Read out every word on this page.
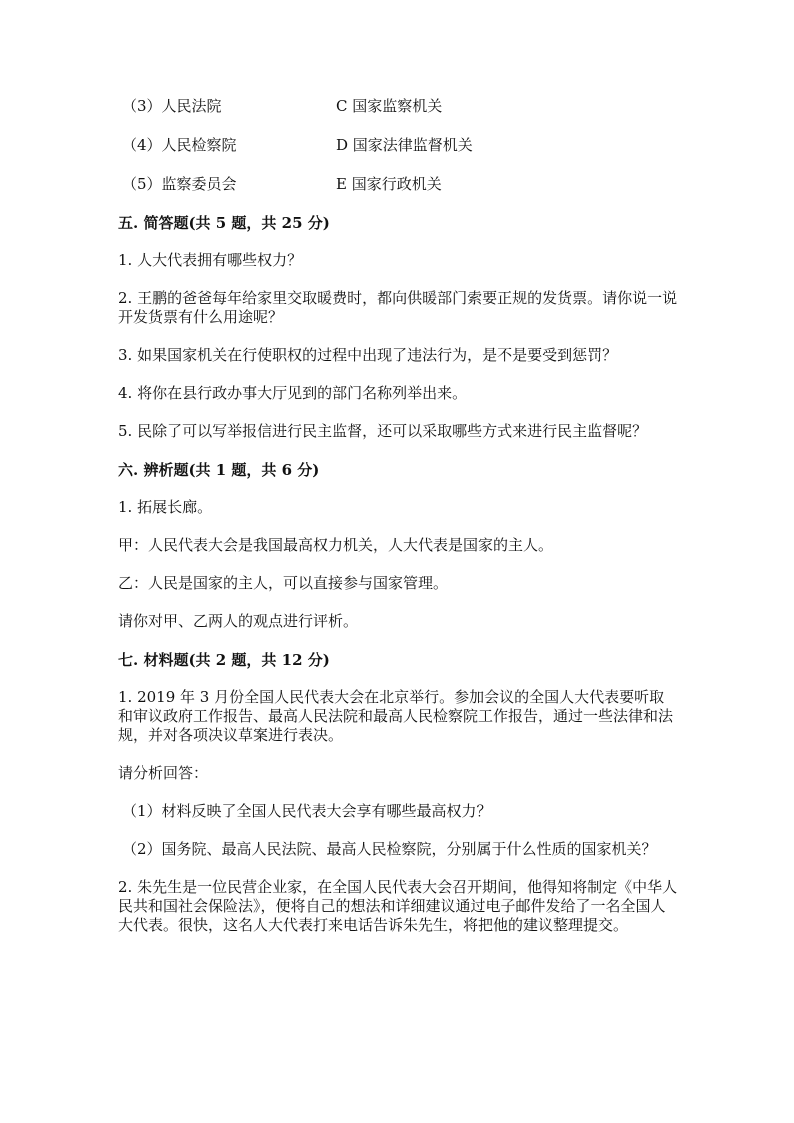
（3）人民法院	C 国家监察机关
（4）人民检察院	D 国家法律监督机关
（5）监察委员会	E 国家行政机关
五. 简答题(共 5 题，共 25 分)

1. 人大代表拥有哪些权力？

2. 王鹏的爸爸每年给家里交取暖费时，都向供暖部门索要正规的发货票。请你说一说开发货票有什么用途呢？

3. 如果国家机关在行使职权的过程中出现了违法行为，是不是要受到惩罚？

4. 将你在县行政办事大厅见到的部门名称列举出来。

5. 民除了可以写举报信进行民主监督，还可以采取哪些方式来进行民主监督呢？

六. 辨析题(共 1 题，共 6 分)

1. 拓展长廊。

甲：人民代表大会是我国最高权力机关，人大代表是国家的主人。

乙：人民是国家的主人，可以直接参与国家管理。

请你对甲、乙两人的观点进行评析。

七. 材料题(共 2 题，共 12 分)

1. 2019 年 3 月份全国人民代表大会在北京举行。参加会议的全国人大代表要听取和审议政府工作报告、最高人民法院和最高人民检察院工作报告，通过一些法律和法规，并对各项决议草案进行表决。

请分析回答：

（1）材料反映了全国人民代表大会享有哪些最高权力？

（2）国务院、最高人民法院、最高人民检察院，分别属于什么性质的国家机关？

2. 朱先生是一位民营企业家，在全国人民代表大会召开期间，他得知将制定《中华人民共和国社会保险法》，便将自己的想法和详细建议通过电子邮件发给了一名全国人大代表。很快，这名人大代表打来电话告诉朱先生，将把他的建议整理提交。
